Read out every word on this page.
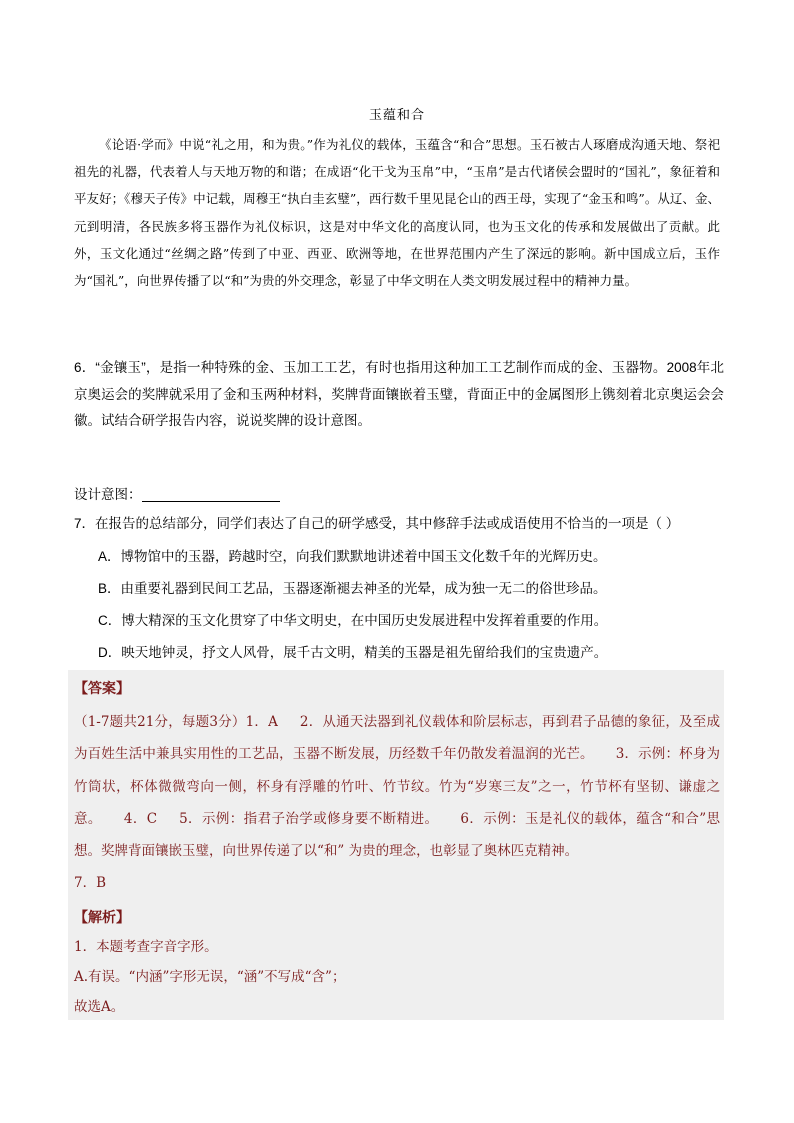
玉蕴和合
《论语·学而》中说“礼之用，和为贵。”作为礼仪的载体，玉蕴含“和合”思想。玉石被古人琢磨成沟通天地、祭祀祖先的礼器，代表着人与天地万物的和谐；在成语“化干戈为玉帛”中，“玉帛”是古代诸侯会盟时的“国礼”，象征着和平友好；《穆天子传》中记载，周穆王“执白圭玄璧”，西行数千里见昆仑山的西王母，实现了“金玉和鸣”。从辽、金、元到明清，各民族多将玉器作为礼仪标识，这是对中华文化的高度认同，也为玉文化的传承和发展做出了贡献。此外，玉文化通过“丝绸之路”传到了中亚、西亚、欧洲等地，在世界范围内产生了深远的影响。新中国成立后，玉作为“国礼”，向世界传播了以“和”为贵的外交理念，彰显了中华文明在人类文明发展过程中的精神力量。
6．“金镶玉”，是指一种特殊的金、玉加工工艺，有时也指用这种加工工艺制作而成的金、玉器物。2008年北京奥运会的奖牌就采用了金和玉两种材料，奖牌背面镶嵌着玉璧，背面正中的金属图形上镌刻着北京奥运会会徽。试结合研学报告内容，说说奖牌的设计意图。
设计意图：
7．在报告的总结部分，同学们表达了自己的研学感受，其中修辞手法或成语使用不恰当的一项是（ ）
A．博物馆中的玉器，跨越时空，向我们默默地讲述着中国玉文化数千年的光辉历史。
B．由重要礼器到民间工艺品，玉器逐渐褪去神圣的光晕，成为独一无二的俗世珍品。
C．博大精深的玉文化贯穿了中华文明史，在中国历史发展进程中发挥着重要的作用。
D．映天地钟灵，抒文人风骨，展千古文明，精美的玉器是祖先留给我们的宝贵遗产。
【答案】
（1-7题共21分，每题3分）1．A 2．从通天法器到礼仪载体和阶层标志，再到君子品德的象征，及至成为百姓生活中兼具实用性的工艺品，玉器不断发展，历经数千年仍散发着温润的光芒。 3．示例：杯身为竹筒状，杯体微微弯向一侧，杯身有浮雕的竹叶、竹节纹。竹为“岁寒三友”之一，竹节杯有坚韧、谦虚之意。 4．C 5．示例：指君子治学或修身要不断精进。 6．示例：玉是礼仪的载体，蕴含“和合”思想。奖牌背面镶嵌玉璧，向世界传递了以“和” 为贵的理念，也彰显了奥林匹克精神。
7．B
【解析】
1．本题考查字音字形。
A.有误。“内涵”字形无误，“涵”不写成“含”；
故选A。
